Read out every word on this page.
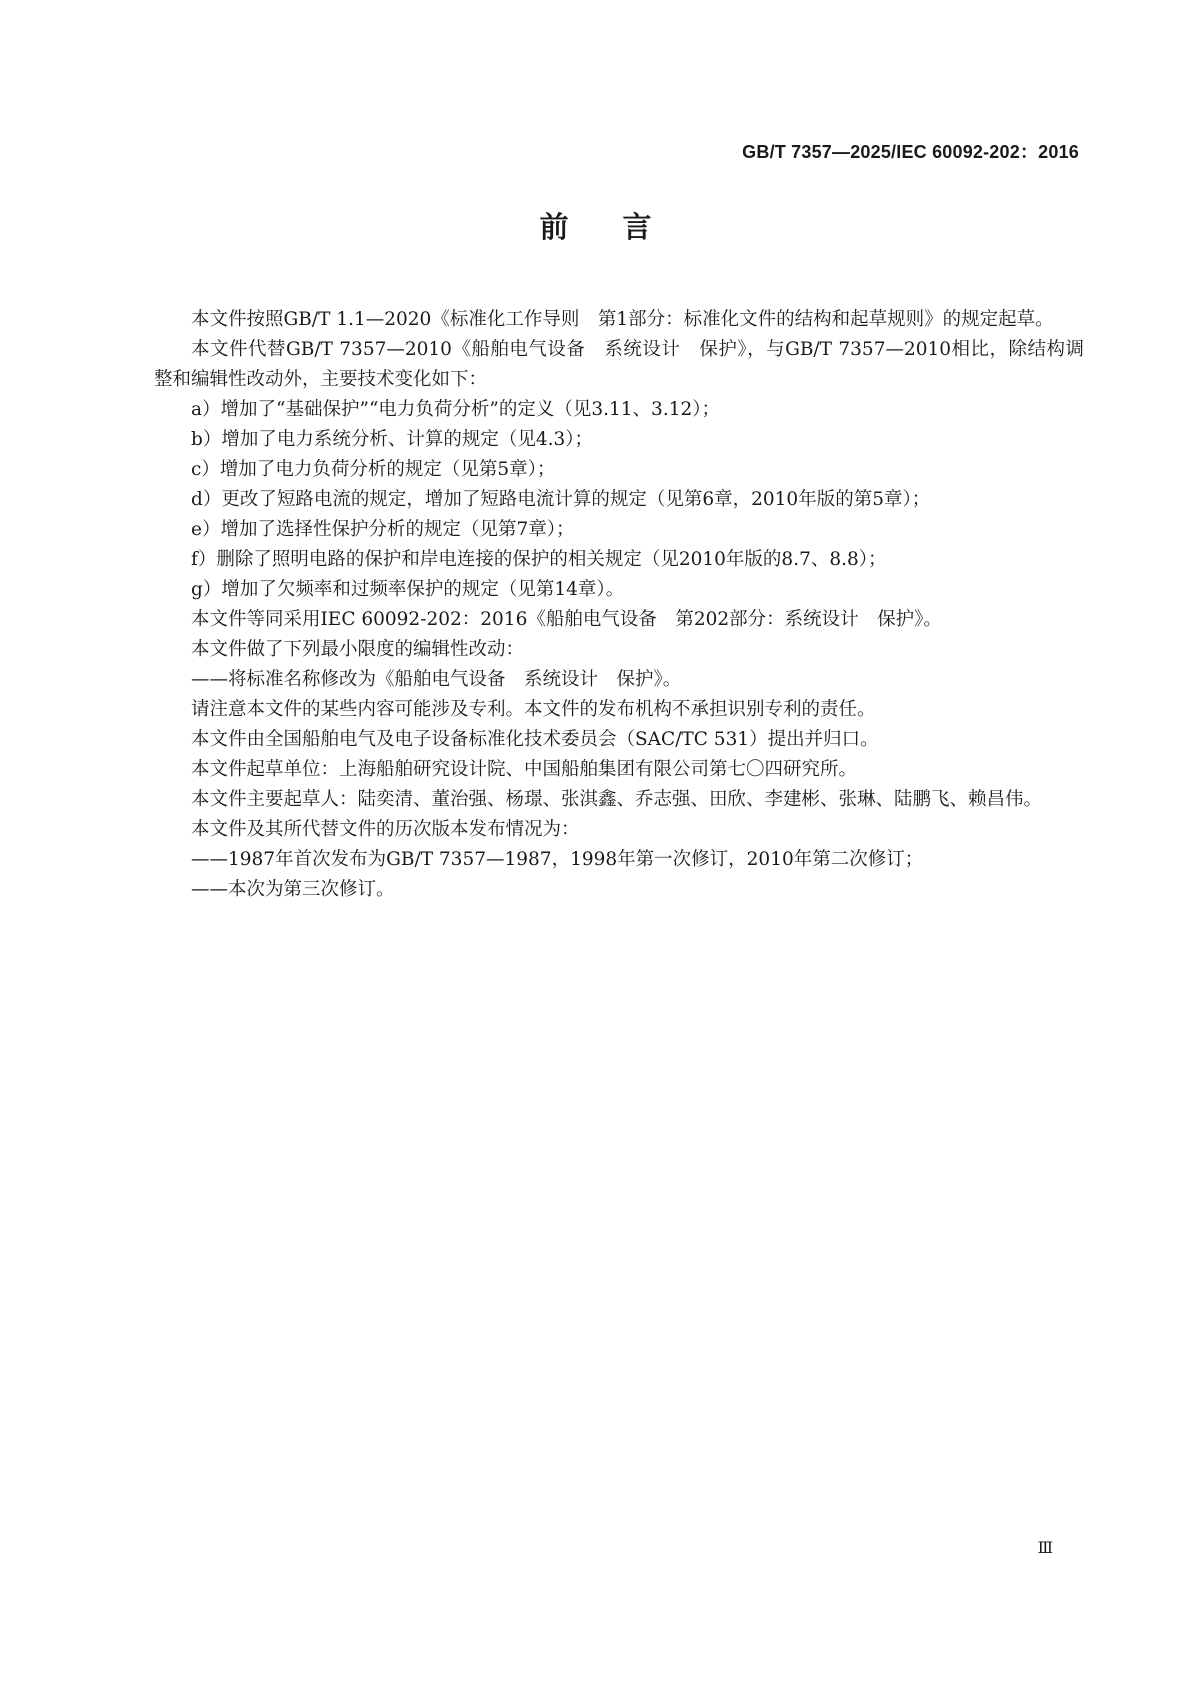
GB/T 7357—2025/IEC 60092-202：2016
前言

本文件按照GB/T 1.1—2020《标准化工作导则　第1部分：标准化文件的结构和起草规则》的规定起草。

本文件代替GB/T 7357—2010《船舶电气设备　系统设计　保护》，与GB/T 7357—2010相比，除结构调整和编辑性改动外，主要技术变化如下：

a）增加了“基础保护”“电力负荷分析”的定义（见3.11、3.12）；

b）增加了电力系统分析、计算的规定（见4.3）；

c）增加了电力负荷分析的规定（见第5章）；

d）更改了短路电流的规定，增加了短路电流计算的规定（见第6章，2010年版的第5章）；

e）增加了选择性保护分析的规定（见第7章）；

f）删除了照明电路的保护和岸电连接的保护的相关规定（见2010年版的8.7、8.8）；

g）增加了欠频率和过频率保护的规定（见第14章）。

本文件等同采用IEC 60092-202：2016《船舶电气设备　第202部分：系统设计　保护》。

本文件做了下列最小限度的编辑性改动：

——将标准名称修改为《船舶电气设备　系统设计　保护》。

请注意本文件的某些内容可能涉及专利。本文件的发布机构不承担识别专利的责任。

本文件由全国船舶电气及电子设备标准化技术委员会（SAC/TC 531）提出并归口。

本文件起草单位：上海船舶研究设计院、中国船舶集团有限公司第七〇四研究所。

本文件主要起草人：陆奕清、董治强、杨璟、张淇鑫、乔志强、田欣、李建彬、张琳、陆鹏飞、赖昌伟。

本文件及其所代替文件的历次版本发布情况为：

——1987年首次发布为GB/T 7357—1987，1998年第一次修订，2010年第二次修订；

——本次为第三次修订。

Ⅲ
